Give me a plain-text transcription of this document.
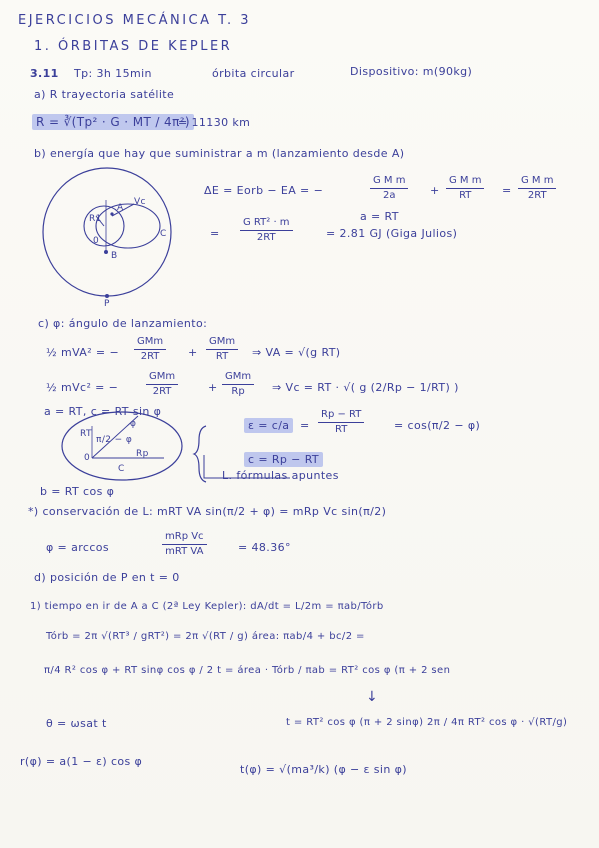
EJERCICIOS MECÁNICA T. 3
1. ÓRBITAS DE KEPLER
3.11 Tp: 3h 15min	órbita circular	Dispositivo: m(90kg)
a) R trayectoria satélite
R = ∛(Tp² · G · MT / 4π²)
= 11130 km
b) energía que hay que suministrar a m (lanzamiento desde A)
ΔE = Eorb − EA = −	$\frac{\text{G M m}}{2a} + \frac{\text{G M m}}{RT} = \frac{\text{G M m}}{2RT}$
a = RT
= $\frac{\text{G RT² · m}}{2RT}$	= 2.81 GJ (Giga Julios)
R1
A
Vc
C
B
P
0
c) φ: ángulo de lanzamiento:
½ mVA² = −
GMm
2RT	+
GMm
RT	⇒ VA = √(g RT)
½ mVc² = −
GMm
2RT	+
GMm
Rp	⇒ Vc = RT · √( g (2/Rp − 1/RT) )
a = RT, c = RT sin φ
RT
π/2 − φ
φ
0	Rp
C
$\varepsilon = c/a = \frac{Rp - RT}{RT}$	= cos(π/2 − φ)
c = Rp − RT
L. fórmulas apuntes
b = RT cos φ
*) conservación de L: mRT VA sin(π/2 + φ) = mRp Vc sin(π/2)
φ = arccos
mRp Vc
mRT VA	= 48.36°
d) posición de P en t = 0
1) tiempo en ir de A a C (2ª Ley Kepler): dA/dt = L/2m = πab/Tórb
Tórb = 2π √(RT³ / gRT²) = 2π √(RT / g) área: πab/4 + bc/2 =
π/4 R² cos φ + RT sinφ cos φ / 2 t = área · Tórb / πab = RT² cos φ (π + 2 sen
↓
θ = ωsat t	t = RT² cos φ (π + 2 sinφ) 2π / 4π RT² cos φ · √(RT/g)
r(φ) = a(1 − ε) cos φ
t(φ) = √(ma³/k) (φ − ε sin φ)
